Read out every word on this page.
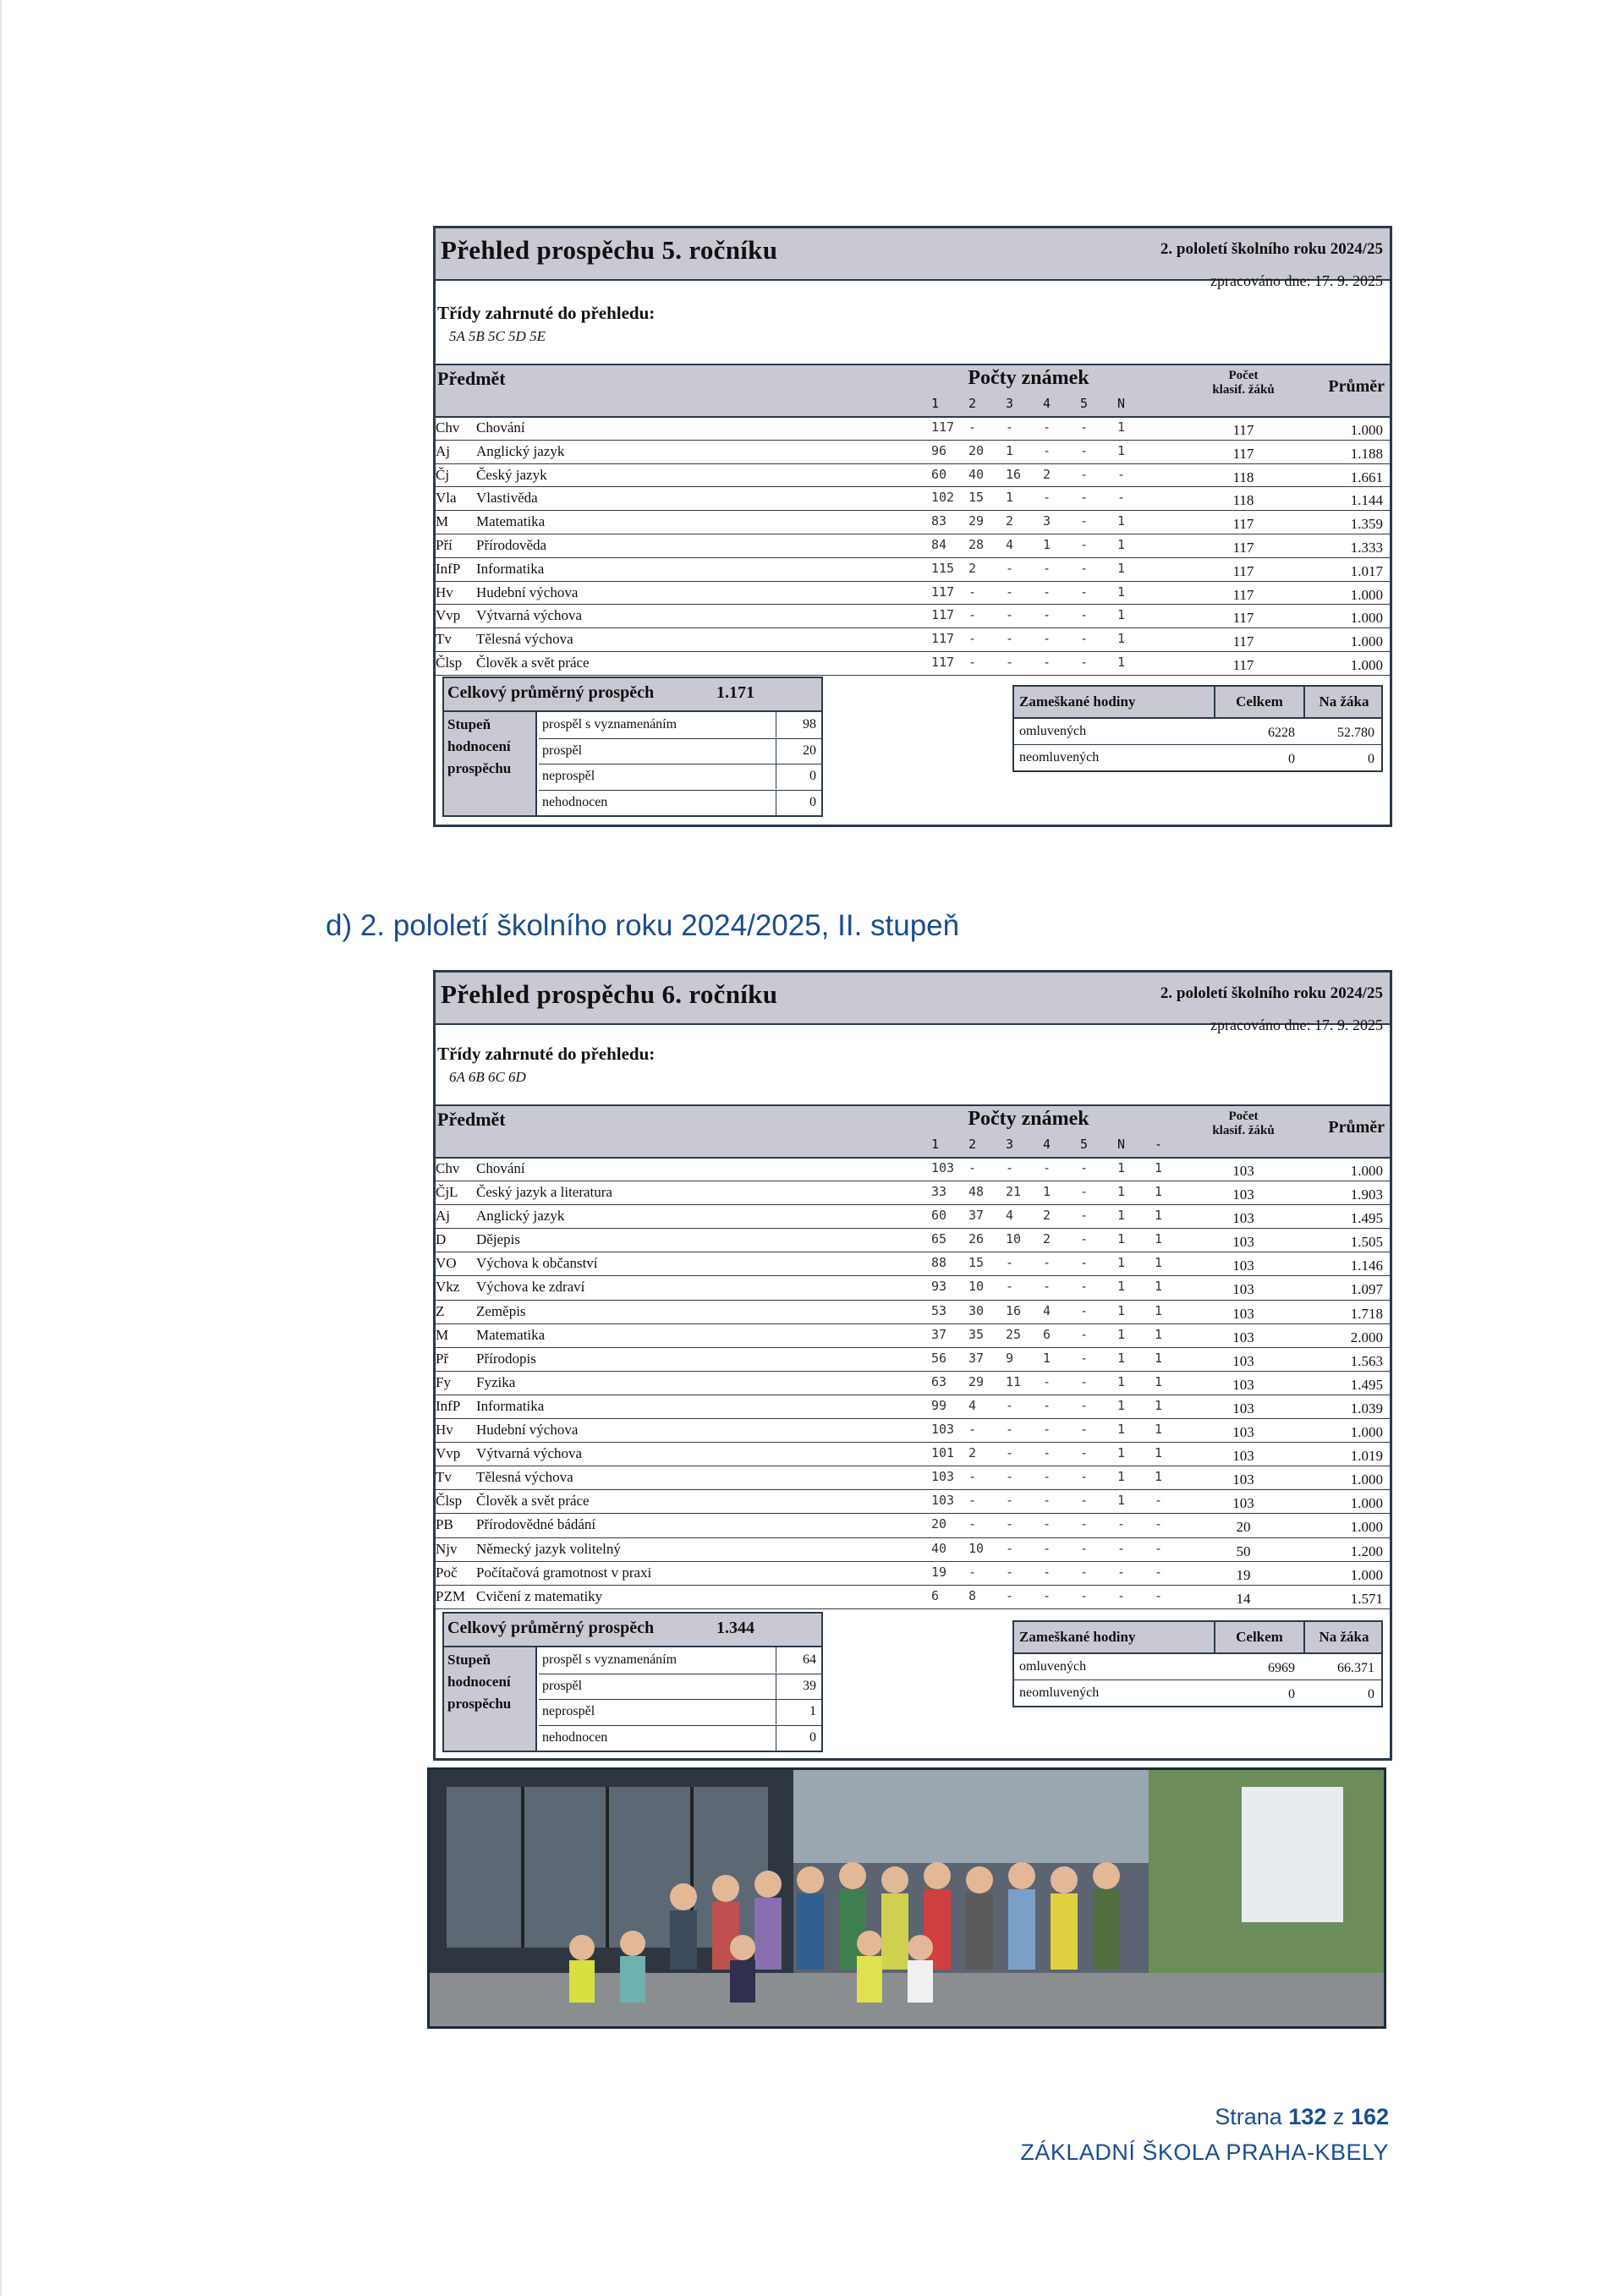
Přehled prospěchu 5. ročníku	2. pololetí školního roku 2024/25
zpracováno dne: 17. 9. 2025
Třídy zahrnuté do přehledu:
5A 5B 5C 5D 5E
Předmět	Počty známek
1 2 3 4 5 N
Počet
klasif. žáků	Průměr
Chv Chování	117 - - - - 1	117	1.000
Aj Anglický jazyk	96 20 1 - - 1	117	1.188
Čj Český jazyk	60 40 16 2 - -	118	1.661
Vla Vlastivěda	102 15 1 - - -	118	1.144
M Matematika	83 29 2 3 - 1	117	1.359
Pří Přírodověda	84 28 4 1 - 1	117	1.333
InfP Informatika	115 2 - - - 1	117	1.017
Hv Hudební výchova	117 - - - - 1	117	1.000
Vvp Výtvarná výchova	117 - - - - 1	117	1.000
Tv Tělesná výchova	117 - - - - 1	117	1.000
Člsp Člověk a svět práce	117 - - - - 1	117	1.000
Celkový průměrný prospěch	1.171
Stupeň
hodnocení
prospěchu
prospěl s vyznamenáním	98
prospěl	20
neprospěl	0
nehodnocen	0
Zameškané hodiny	Celkem	Na žáka
omluvených	6228	52.780
neomluvených	0	0
d) 2. pololetí školního roku 2024/2025, II. stupeň
Přehled prospěchu 6. ročníku	2. pololetí školního roku 2024/25
zpracováno dne: 17. 9. 2025
Třídy zahrnuté do přehledu:
6A 6B 6C 6D
Předmět	Počty známek
1 2 3 4 5 N -
Počet
klasif. žáků	Průměr
Chv Chování	103 - - - - 1 1	103	1.000
ČjL Český jazyk a literatura	33 48 21 1 - 1 1	103	1.903
Aj Anglický jazyk	60 37 4 2 - 1 1	103	1.495
D Dějepis	65 26 10 2 - 1 1	103	1.505
VO Výchova k občanství	88 15 - - - 1 1	103	1.146
Vkz Výchova ke zdraví	93 10 - - - 1 1	103	1.097
Z Zeměpis	53 30 16 4 - 1 1	103	1.718
M Matematika	37 35 25 6 - 1 1	103	2.000
Př Přírodopis	56 37 9 1 - 1 1	103	1.563
Fy Fyzika	63 29 11 - - 1 1	103	1.495
InfP Informatika	99 4 - - - 1 1	103	1.039
Hv Hudební výchova	103 - - - - 1 1	103	1.000
Vvp Výtvarná výchova	101 2 - - - 1 1	103	1.019
Tv Tělesná výchova	103 - - - - 1 1	103	1.000
Člsp Člověk a svět práce	103 - - - - 1 -	103	1.000
PB Přírodovědné bádání	20 - - - - - -	20	1.000
Njv Německý jazyk volitelný	40 10 - - - - -	50	1.200
Poč Počítačová gramotnost v praxi	19 - - - - - -	19	1.000
PZM Cvičení z matematiky	6 8 - - - - -	14	1.571
Celkový průměrný prospěch	1.344
Stupeň
hodnocení
prospěchu
prospěl s vyznamenáním	64
prospěl	39
neprospěl	1
nehodnocen	0
Zameškané hodiny	Celkem	Na žáka
omluvených	6969	66.371
neomluvených	0	0
Strana 132 z 162
ZÁKLADNÍ ŠKOLA PRAHA-KBELY
